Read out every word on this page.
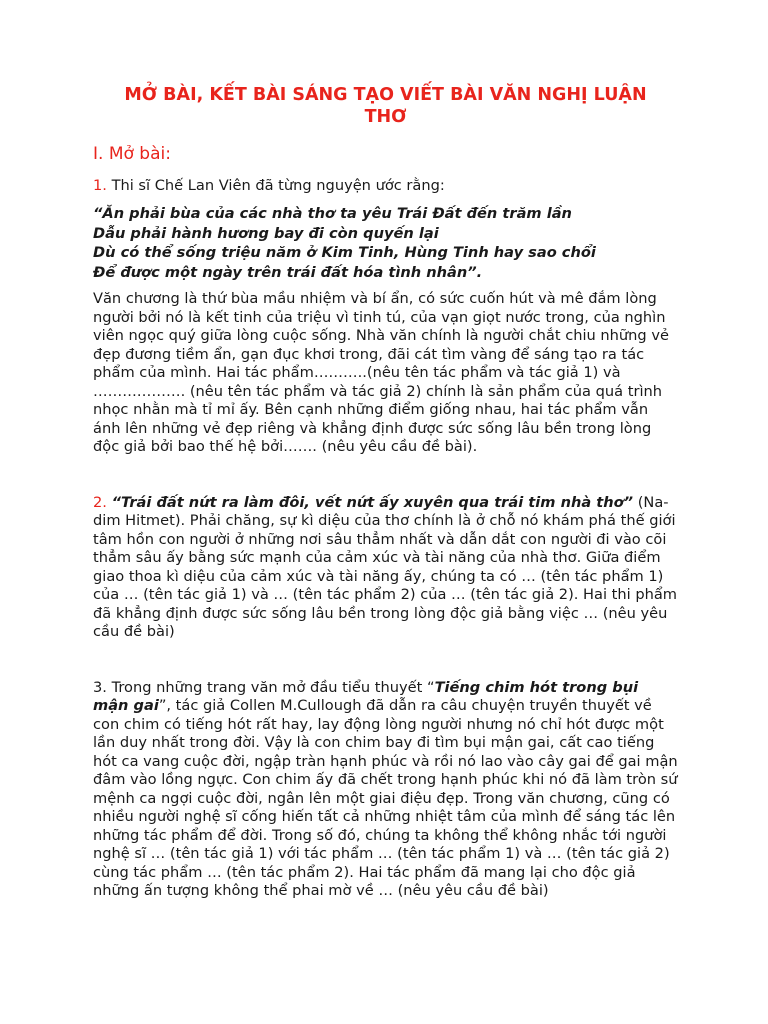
MỞ BÀI, KẾT BÀI SÁNG TẠO VIẾT BÀI VĂN NGHỊ LUẬN THƠ
I. Mở bài:

1. Thi sĩ Chế Lan Viên đã từng nguyện ước rằng:

“Ăn phải bùa của các nhà thơ ta yêu Trái Đất đến trăm lần
Dẫu phải hành hương bay đi còn quyến lại
Dù có thể sống triệu năm ở Kim Tinh, Hùng Tinh hay sao chổi
Để được một ngày trên trái đất hóa tình nhân”.

Văn chương là thứ bùa mầu nhiệm và bí ẩn, có sức cuốn hút và mê đắm lòng người bởi nó là kết tinh của triệu vì tinh tú, của vạn giọt nước trong, của nghìn viên ngọc quý giữa lòng cuộc sống. Nhà văn chính là người chắt chiu những vẻ đẹp đương tiềm ẩn, gạn đục khơi trong, đãi cát tìm vàng để sáng tạo ra tác phẩm của mình. Hai tác phẩm………..(nêu tên tác phẩm và tác giả 1) và ………………. (nêu tên tác phẩm và tác giả 2) chính là sản phẩm của quá trình nhọc nhằn mà tỉ mỉ ấy. Bên cạnh những điểm giống nhau, hai tác phẩm vẫn ánh lên những vẻ đẹp riêng và khẳng định được sức sống lâu bền trong lòng độc giả bởi bao thế hệ bởi……. (nêu yêu cầu đề bài).

2. “Trái đất nứt ra làm đôi, vết nứt ấy xuyên qua trái tim nhà thơ” (Na-dim Hitmet). Phải chăng, sự kì diệu của thơ chính là ở chỗ nó khám phá thế giới tâm hồn con người ở những nơi sâu thẳm nhất và dẫn dắt con người đi vào cõi thẳm sâu ấy bằng sức mạnh của cảm xúc và tài năng của nhà thơ. Giữa điểm giao thoa kì diệu của cảm xúc và tài năng ấy, chúng ta có … (tên tác phẩm 1) của … (tên tác giả 1) và … (tên tác phẩm 2) của … (tên tác giả 2). Hai thi phẩm đã khẳng định được sức sống lâu bền trong lòng độc giả bằng việc … (nêu yêu cầu đề bài)

3. Trong những trang văn mở đầu tiểu thuyết “Tiếng chim hót trong bụi mận gai”, tác giả Collen M.Cullough đã dẫn ra câu chuyện truyền thuyết về con chim có tiếng hót rất hay, lay động lòng người nhưng nó chỉ hót được một lần duy nhất trong đời. Vậy là con chim bay đi tìm bụi mận gai, cất cao tiếng hót ca vang cuộc đời, ngập tràn hạnh phúc và rồi nó lao vào cây gai để gai mận đâm vào lồng ngực. Con chim ấy đã chết trong hạnh phúc khi nó đã làm tròn sứ mệnh ca ngợi cuộc đời, ngân lên một giai điệu đẹp. Trong văn chương, cũng có nhiều người nghệ sĩ cống hiến tất cả những nhiệt tâm của mình để sáng tác lên những tác phẩm để đời. Trong số đó, chúng ta không thể không nhắc tới người nghệ sĩ … (tên tác giả 1) với tác phẩm … (tên tác phẩm 1) và … (tên tác giả 2) cùng tác phẩm … (tên tác phẩm 2). Hai tác phẩm đã mang lại cho độc giả những ấn tượng không thể phai mờ về … (nêu yêu cầu đề bài)
